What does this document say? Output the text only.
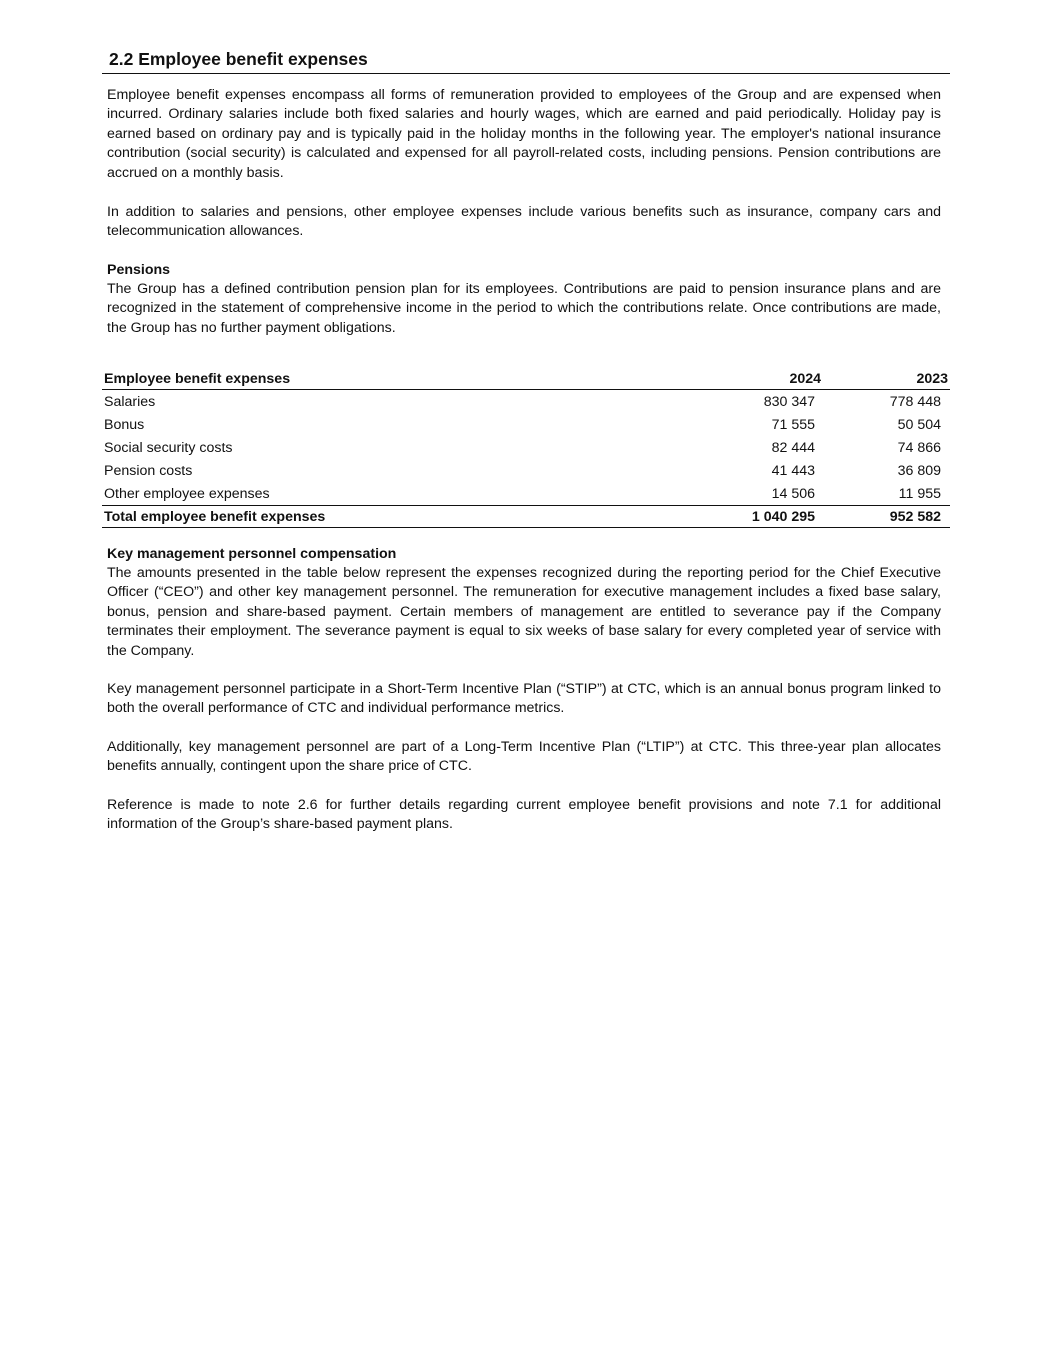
2.2 Employee benefit expenses

Employee benefit expenses encompass all forms of remuneration provided to employees of the Group and are expensed when incurred. Ordinary salaries include both fixed salaries and hourly wages, which are earned and paid periodically. Holiday pay is earned based on ordinary pay and is typically paid in the holiday months in the following year. The employer's national insurance contribution (social security) is calculated and expensed for all payroll-related costs, including pensions. Pension contributions are accrued on a monthly basis.

In addition to salaries and pensions, other employee expenses include various benefits such as insurance, company cars and telecommunication allowances.

Pensions

The Group has a defined contribution pension plan for its employees. Contributions are paid to pension insurance plans and are recognized in the statement of comprehensive income in the period to which the contributions relate. Once contributions are made, the Group has no further payment obligations.

Employee benefit expenses	2024	2023
Salaries	830 347	778 448
Bonus	71 555	50 504
Social security costs	82 444	74 866
Pension costs	41 443	36 809
Other employee expenses	14 506	11 955
Total employee benefit expenses	1 040 295	952 582

Key management personnel compensation

The amounts presented in the table below represent the expenses recognized during the reporting period for the Chief Executive Officer (“CEO”) and other key management personnel. The remuneration for executive management includes a fixed base salary, bonus, pension and share-based payment. Certain members of management are entitled to severance pay if the Company terminates their employment. The severance payment is equal to six weeks of base salary for every completed year of service with the Company.

Key management personnel participate in a Short-Term Incentive Plan (“STIP”) at CTC, which is an annual bonus program linked to both the overall performance of CTC and individual performance metrics.

Additionally, key management personnel are part of a Long-Term Incentive Plan (“LTIP”) at CTC. This three-year plan allocates benefits annually, contingent upon the share price of CTC.

Reference is made to note 2.6 for further details regarding current employee benefit provisions and note 7.1 for additional information of the Group’s share-based payment plans.
